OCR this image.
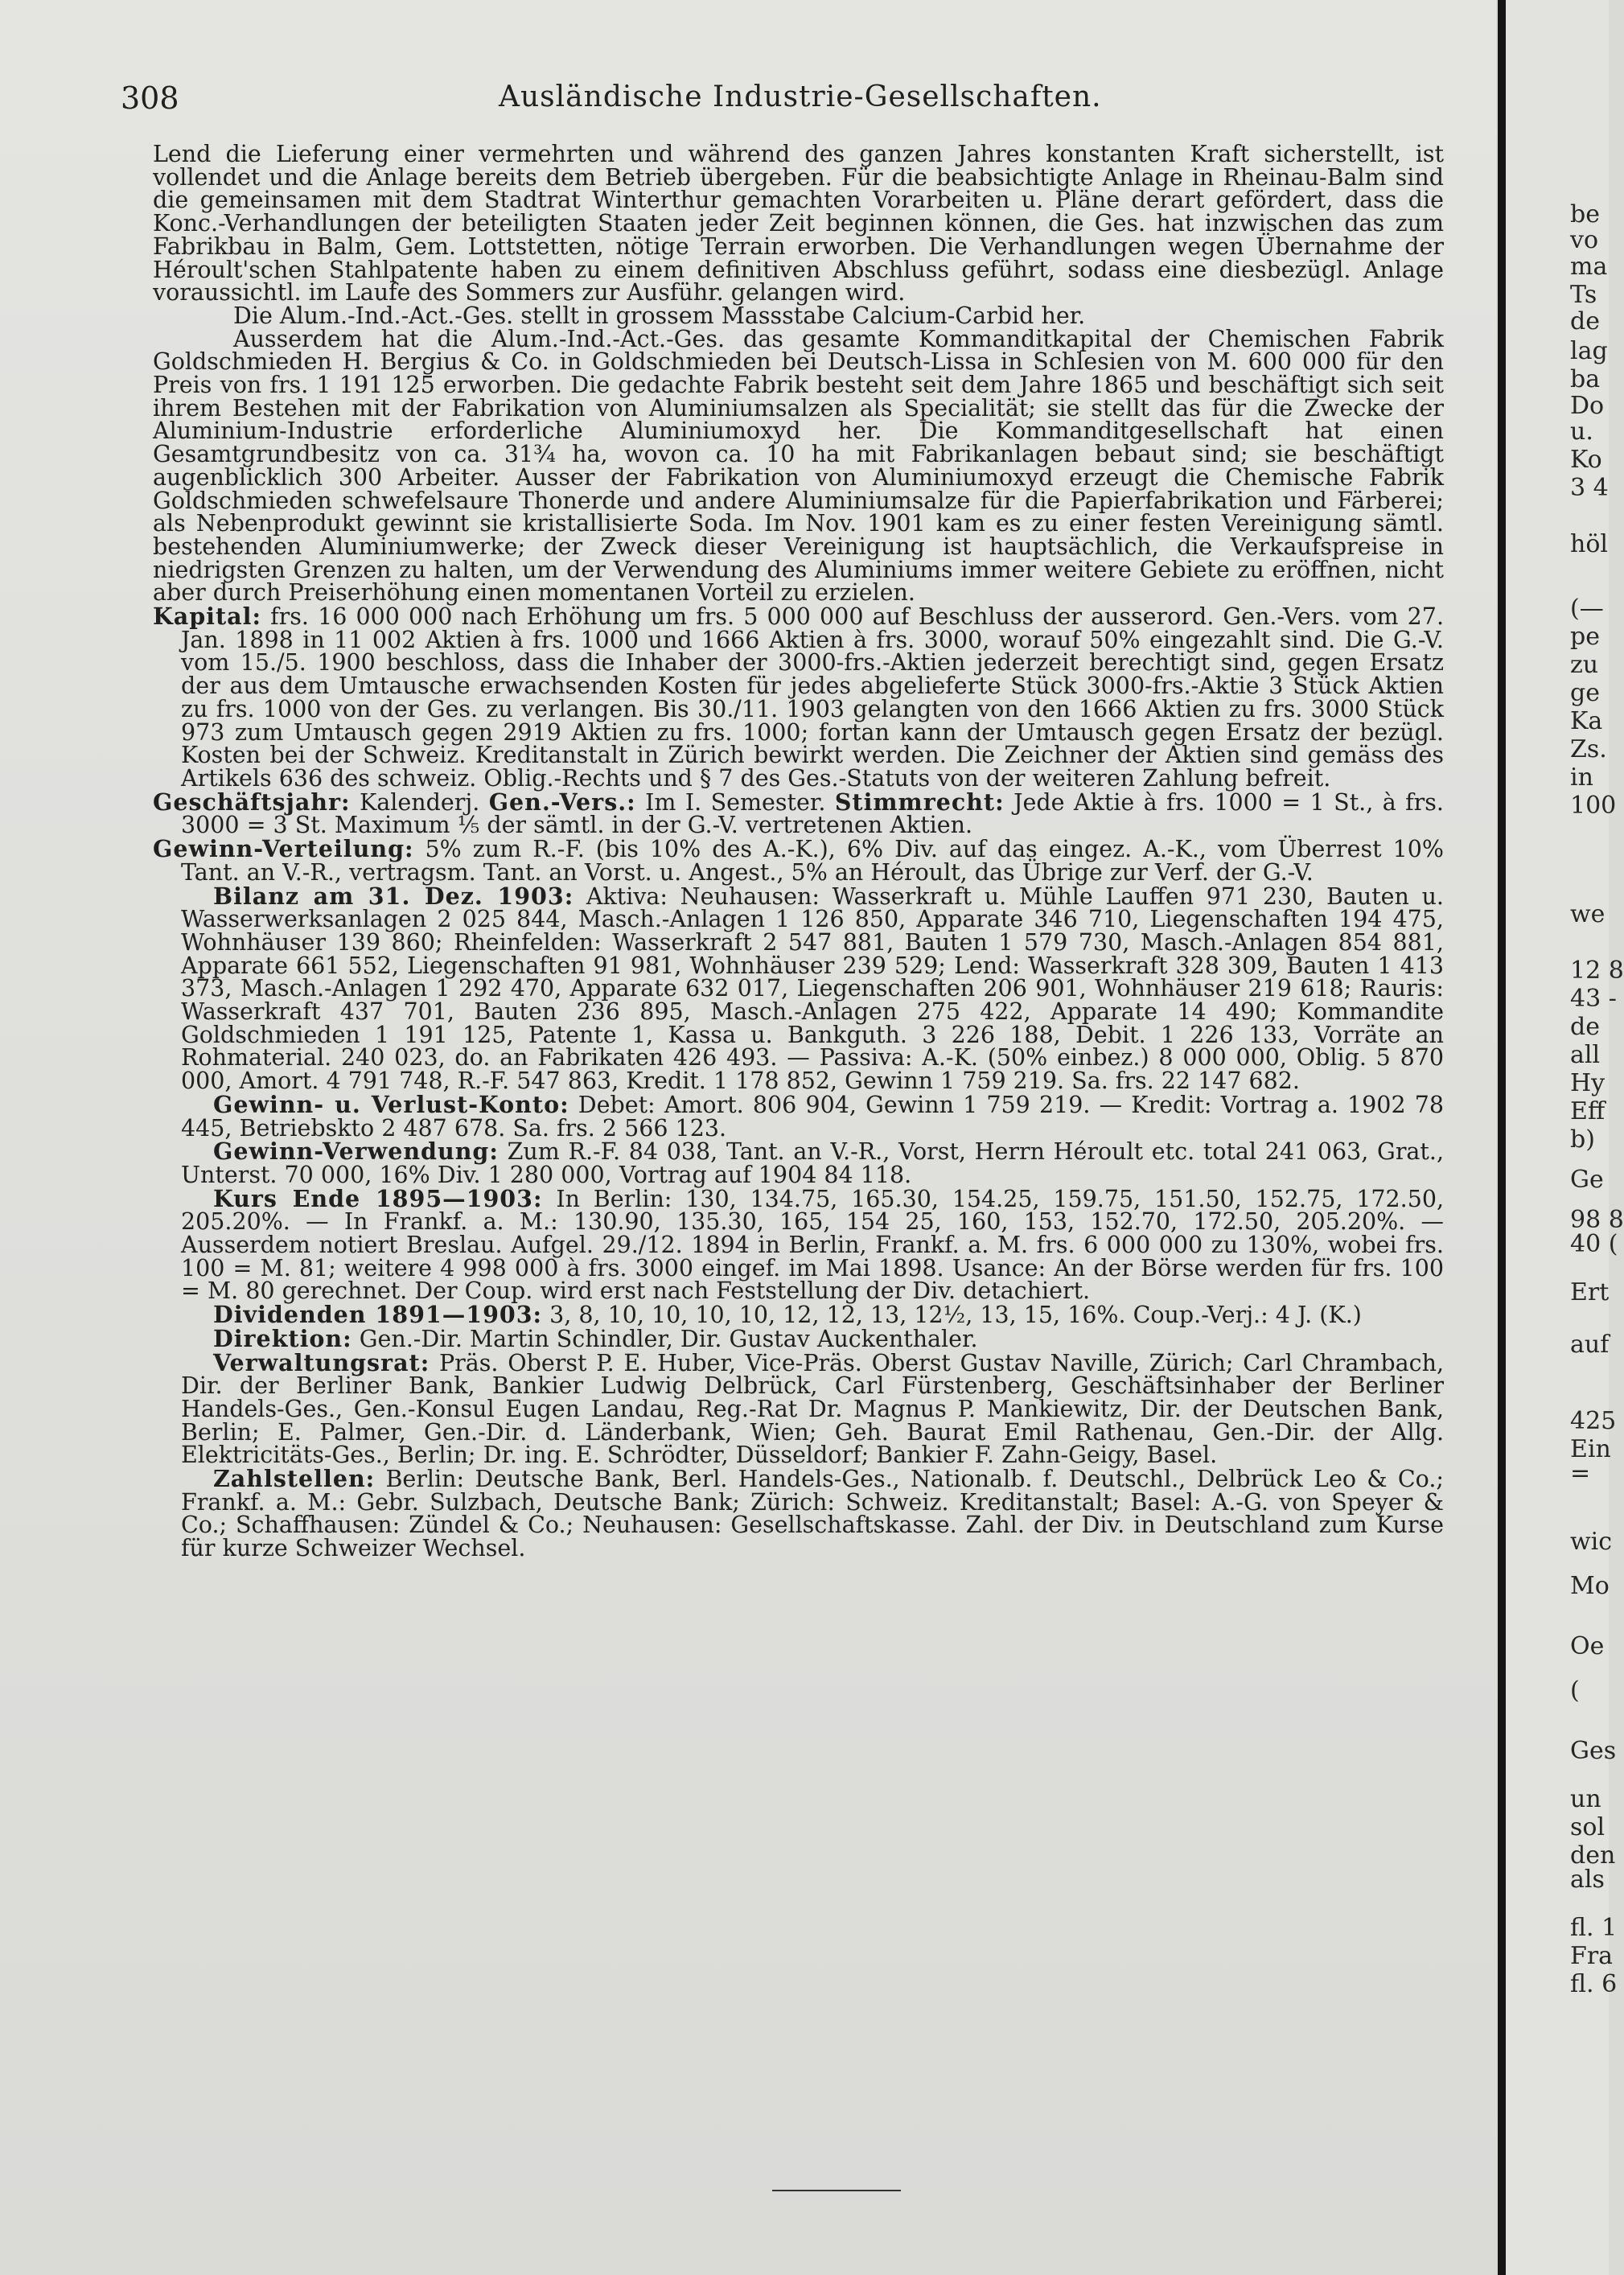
308	Ausländische Industrie-Gesellschaften.

Lend die Lieferung einer vermehrten und während des ganzen Jahres konstanten Kraft sicherstellt, ist vollendet und die Anlage bereits dem Betrieb übergeben. Für die beabsichtigte Anlage in Rheinau-Balm sind die gemeinsamen mit dem Stadtrat Winterthur gemachten Vorarbeiten u. Pläne derart gefördert, dass die Konc.-Verhandlungen der beteiligten Staaten jeder Zeit beginnen können, die Ges. hat inzwischen das zum Fabrikbau in Balm, Gem. Lottstetten, nötige Terrain erworben. Die Verhandlungen wegen Übernahme der Héroult'schen Stahlpatente haben zu einem definitiven Abschluss geführt, sodass eine diesbezügl. Anlage voraussichtl. im Laufe des Sommers zur Ausführ. gelangen wird.

Die Alum.-Ind.-Act.-Ges. stellt in grossem Massstabe Calcium-Carbid her.

Ausserdem hat die Alum.-Ind.-Act.-Ges. das gesamte Kommanditkapital der Chemischen Fabrik Goldschmieden H. Bergius & Co. in Goldschmieden bei Deutsch-Lissa in Schlesien von M. 600 000 für den Preis von frs. 1 191 125 erworben. Die gedachte Fabrik besteht seit dem Jahre 1865 und beschäftigt sich seit ihrem Bestehen mit der Fabrikation von Aluminiumsalzen als Specialität; sie stellt das für die Zwecke der Aluminium-Industrie erforderliche Aluminiumoxyd her. Die Kommanditgesellschaft hat einen Gesamtgrundbesitz von ca. 31¾ ha, wovon ca. 10 ha mit Fabrikanlagen bebaut sind; sie beschäftigt augenblicklich 300 Arbeiter. Ausser der Fabrikation von Aluminiumoxyd erzeugt die Chemische Fabrik Goldschmieden schwefelsaure Thonerde und andere Aluminiumsalze für die Papierfabrikation und Färberei; als Nebenprodukt gewinnt sie kristallisierte Soda. Im Nov. 1901 kam es zu einer festen Vereinigung sämtl. bestehenden Aluminiumwerke; der Zweck dieser Vereinigung ist hauptsächlich, die Verkaufspreise in niedrigsten Grenzen zu halten, um der Verwendung des Aluminiums immer weitere Gebiete zu eröffnen, nicht aber durch Preiserhöhung einen momentanen Vorteil zu erzielen.

Kapital: frs. 16 000 000 nach Erhöhung um frs. 5 000 000 auf Beschluss der ausserord. Gen.-Vers. vom 27. Jan. 1898 in 11 002 Aktien à frs. 1000 und 1666 Aktien à frs. 3000, worauf 50% eingezahlt sind. Die G.-V. vom 15./5. 1900 beschloss, dass die Inhaber der 3000-frs.-Aktien jederzeit berechtigt sind, gegen Ersatz der aus dem Umtausche erwachsenden Kosten für jedes abgelieferte Stück 3000-frs.-Aktie 3 Stück Aktien zu frs. 1000 von der Ges. zu verlangen. Bis 30./11. 1903 gelangten von den 1666 Aktien zu frs. 3000 Stück 973 zum Umtausch gegen 2919 Aktien zu frs. 1000; fortan kann der Umtausch gegen Ersatz der bezügl. Kosten bei der Schweiz. Kreditanstalt in Zürich bewirkt werden. Die Zeichner der Aktien sind gemäss des Artikels 636 des schweiz. Oblig.-Rechts und § 7 des Ges.-Statuts von der weiteren Zahlung befreit.

Geschäftsjahr: Kalenderj. Gen.-Vers.: Im I. Semester. Stimmrecht: Jede Aktie à frs. 1000 = 1 St., à frs. 3000 = 3 St. Maximum ⅕ der sämtl. in der G.-V. vertretenen Aktien.

Gewinn-Verteilung: 5% zum R.-F. (bis 10% des A.-K.), 6% Div. auf das eingez. A.-K., vom Überrest 10% Tant. an V.-R., vertragsm. Tant. an Vorst. u. Angest., 5% an Héroult, das Übrige zur Verf. der G.-V.

Bilanz am 31. Dez. 1903: Aktiva: Neuhausen: Wasserkraft u. Mühle Lauffen 971 230, Bauten u. Wasserwerksanlagen 2 025 844, Masch.-Anlagen 1 126 850, Apparate 346 710, Liegenschaften 194 475, Wohnhäuser 139 860; Rheinfelden: Wasserkraft 2 547 881, Bauten 1 579 730, Masch.-Anlagen 854 881, Apparate 661 552, Liegenschaften 91 981, Wohnhäuser 239 529; Lend: Wasserkraft 328 309, Bauten 1 413 373, Masch.-Anlagen 1 292 470, Apparate 632 017, Liegenschaften 206 901, Wohnhäuser 219 618; Rauris: Wasserkraft 437 701, Bauten 236 895, Masch.-Anlagen 275 422, Apparate 14 490; Kommandite Goldschmieden 1 191 125, Patente 1, Kassa u. Bankguth. 3 226 188, Debit. 1 226 133, Vorräte an Rohmaterial. 240 023, do. an Fabrikaten 426 493. — Passiva: A.-K. (50% einbez.) 8 000 000, Oblig. 5 870 000, Amort. 4 791 748, R.-F. 547 863, Kredit. 1 178 852, Gewinn 1 759 219. Sa. frs. 22 147 682.

Gewinn- u. Verlust-Konto: Debet: Amort. 806 904, Gewinn 1 759 219. — Kredit: Vortrag a. 1902 78 445, Betriebskto 2 487 678. Sa. frs. 2 566 123.

Gewinn-Verwendung: Zum R.-F. 84 038, Tant. an V.-R., Vorst, Herrn Héroult etc. total 241 063, Grat., Unterst. 70 000, 16% Div. 1 280 000, Vortrag auf 1904 84 118.

Kurs Ende 1895—1903: In Berlin: 130, 134.75, 165.30, 154.25, 159.75, 151.50, 152.75, 172.50, 205.20%. — In Frankf. a. M.: 130.90, 135.30, 165, 154 25, 160, 153, 152.70, 172.50, 205.20%. — Ausserdem notiert Breslau. Aufgel. 29./12. 1894 in Berlin, Frankf. a. M. frs. 6 000 000 zu 130%, wobei frs. 100 = M. 81; weitere 4 998 000 à frs. 3000 eingef. im Mai 1898. Usance: An der Börse werden für frs. 100 = M. 80 gerechnet. Der Coup. wird erst nach Feststellung der Div. detachiert.

Dividenden 1891—1903: 3, 8, 10, 10, 10, 10, 12, 12, 13, 12½, 13, 15, 16%. Coup.-Verj.: 4 J. (K.)

Direktion: Gen.-Dir. Martin Schindler, Dir. Gustav Auckenthaler.

Verwaltungsrat: Präs. Oberst P. E. Huber, Vice-Präs. Oberst Gustav Naville, Zürich; Carl Chrambach, Dir. der Berliner Bank, Bankier Ludwig Delbrück, Carl Fürstenberg, Geschäftsinhaber der Berliner Handels-Ges., Gen.-Konsul Eugen Landau, Reg.-Rat Dr. Magnus P. Mankiewitz, Dir. der Deutschen Bank, Berlin; E. Palmer, Gen.-Dir. d. Länderbank, Wien; Geh. Baurat Emil Rathenau, Gen.-Dir. der Allg. Elektricitäts-Ges., Berlin; Dr. ing. E. Schrödter, Düsseldorf; Bankier F. Zahn-Geigy, Basel.

Zahlstellen: Berlin: Deutsche Bank, Berl. Handels-Ges., Nationalb. f. Deutschl., Delbrück Leo & Co.; Frankf. a. M.: Gebr. Sulzbach, Deutsche Bank; Zürich: Schweiz. Kreditanstalt; Basel: A.-G. von Speyer & Co.; Schaffhausen: Zündel & Co.; Neuhausen: Gesellschaftskasse. Zahl. der Div. in Deutschland zum Kurse für kurze Schweizer Wechsel.

be
vo
ma
Ts
de
lag
ba
Do
u.
Ko
3 4
höl
(—
pe
zu
ge
Ka
Zs.
in
100
we
12 8
43 -
de
all
Hy
Eff
b)
Ge
98 8
40 (
Ert
auf
425
Ein
=
wic
Mo
Oe
(
Ges
un
sol
den
als
fl. 1
Fra
fl. 6
